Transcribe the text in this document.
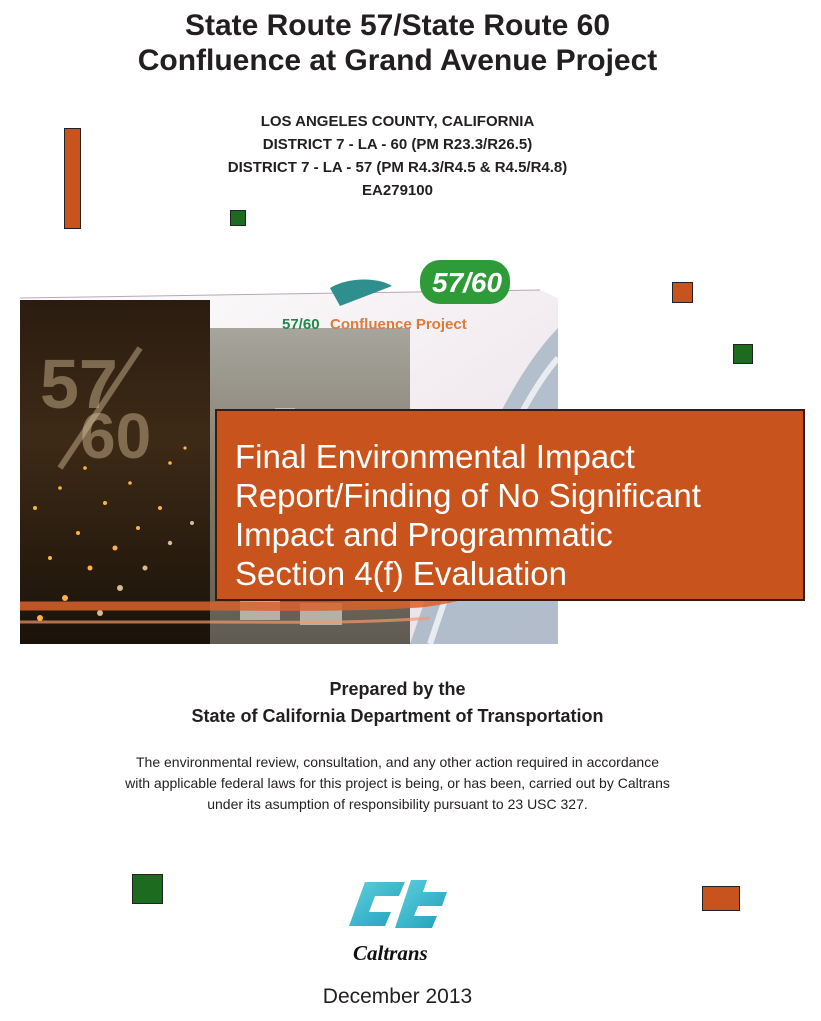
State Route 57/State Route 60
Confluence at Grand Avenue Project
LOS ANGELES COUNTY, CALIFORNIA
DISTRICT 7 - LA - 60 (PM R23.3/R26.5)
DISTRICT 7 - LA - 57 (PM R4.3/R4.5 & R4.5/R4.8)
EA279100
57
60
57/60
57/60 Confluence Project
Final Environmental Impact
Report/Finding of No Significant
Impact and Programmatic
Section 4(f) Evaluation
Prepared by the
State of California Department of Transportation
The environmental review, consultation, and any other action required in accordance
with applicable federal laws for this project is being, or has been, carried out by Caltrans
under its asumption of responsibility pursuant to 23 USC 327.
Caltrans
December 2013
